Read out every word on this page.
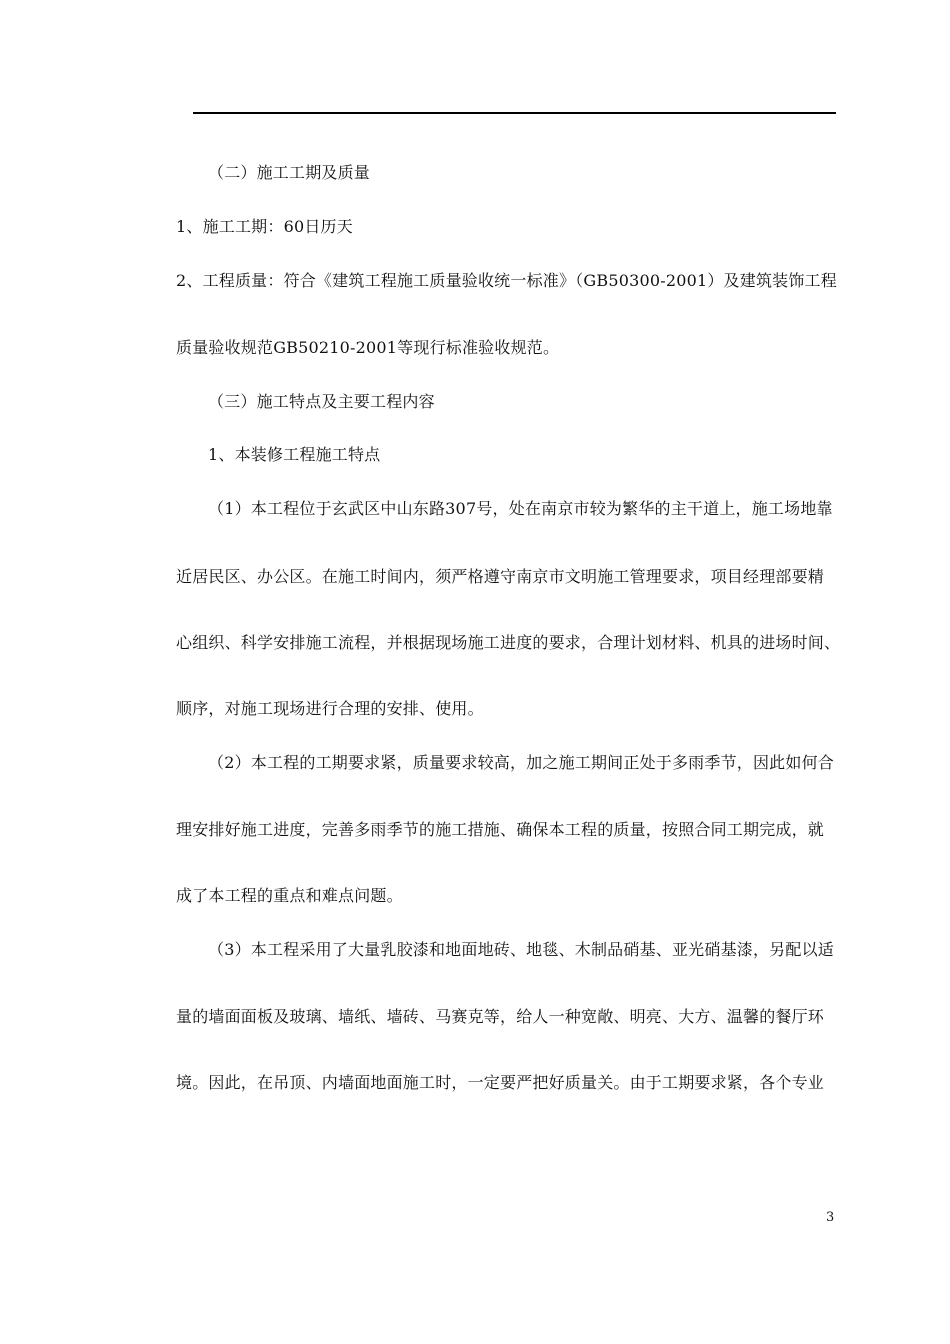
（二）施工工期及质量
1、施工工期：60日历天
2、工程质量：符合《建筑工程施工质量验收统一标准》（GB50300-2001）及建筑装饰工程
质量验收规范GB50210-2001等现行标准验收规范。
（三）施工特点及主要工程内容
1、本装修工程施工特点
（1）本工程位于玄武区中山东路307号，处在南京市较为繁华的主干道上，施工场地靠
近居民区、办公区。在施工时间内，须严格遵守南京市文明施工管理要求，项目经理部要精
心组织、科学安排施工流程，并根据现场施工进度的要求，合理计划材料、机具的进场时间、
顺序，对施工现场进行合理的安排、使用。
（2）本工程的工期要求紧，质量要求较高，加之施工期间正处于多雨季节，因此如何合
理安排好施工进度，完善多雨季节的施工措施、确保本工程的质量，按照合同工期完成，就
成了本工程的重点和难点问题。
（3）本工程采用了大量乳胶漆和地面地砖、地毯、木制品硝基、亚光硝基漆，另配以适
量的墙面面板及玻璃、墙纸、墙砖、马赛克等，给人一种宽敞、明亮、大方、温馨的餐厅环
境。因此，在吊顶、内墙面地面施工时，一定要严把好质量关。由于工期要求紧，各个专业
3
